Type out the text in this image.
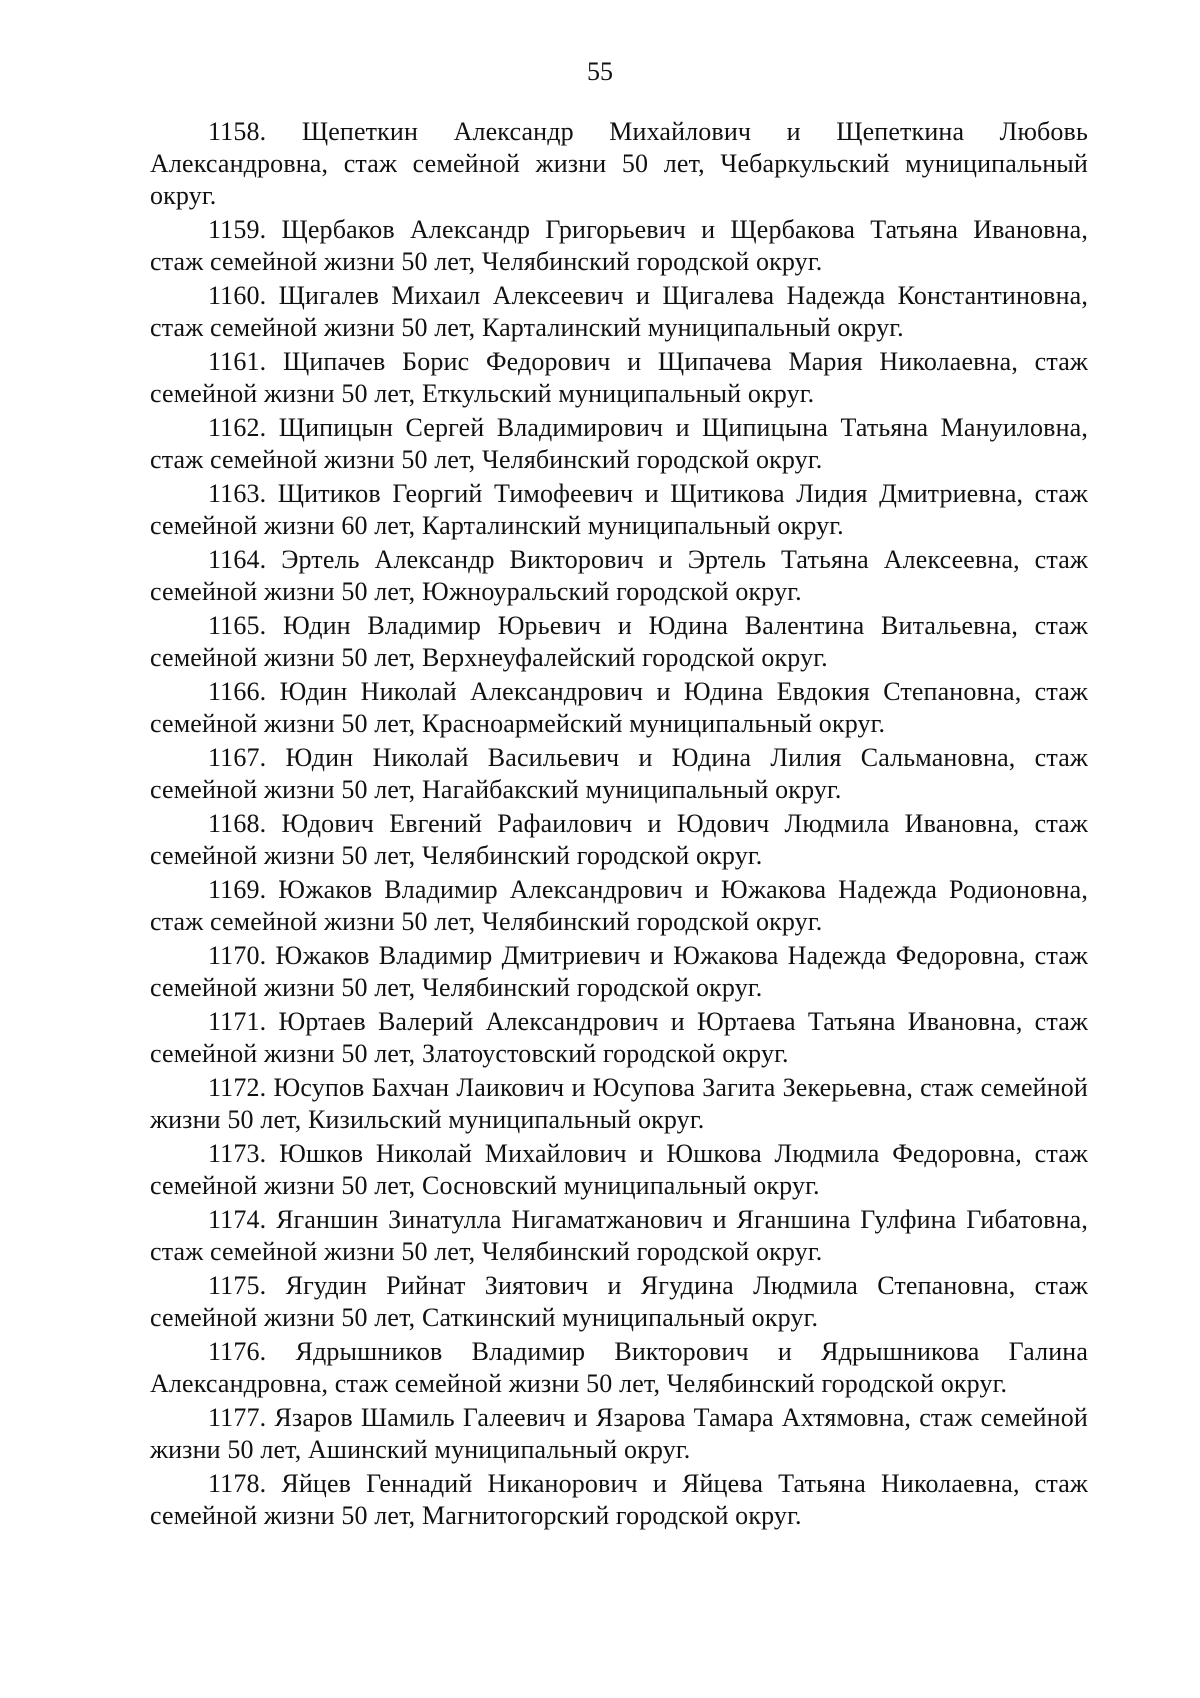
55

1158. Щепеткин Александр Михайлович и Щепеткина Любовь Александровна, стаж семейной жизни 50 лет, Чебаркульский муниципальный округ.

1159. Щербаков Александр Григорьевич и Щербакова Татьяна Ивановна, стаж семейной жизни 50 лет, Челябинский городской округ.

1160. Щигалев Михаил Алексеевич и Щигалева Надежда Константиновна, стаж семейной жизни 50 лет, Карталинский муниципальный округ.

1161. Щипачев Борис Федорович и Щипачева Мария Николаевна, стаж семейной жизни 50 лет, Еткульский муниципальный округ.

1162. Щипицын Сергей Владимирович и Щипицына Татьяна Мануиловна, стаж семейной жизни 50 лет, Челябинский городской округ.

1163. Щитиков Георгий Тимофеевич и Щитикова Лидия Дмитриевна, стаж семейной жизни 60 лет, Карталинский муниципальный округ.

1164. Эртель Александр Викторович и Эртель Татьяна Алексеевна, стаж семейной жизни 50 лет, Южноуральский городской округ.

1165. Юдин Владимир Юрьевич и Юдина Валентина Витальевна, стаж семейной жизни 50 лет, Верхнеуфалейский городской округ.

1166. Юдин Николай Александрович и Юдина Евдокия Степановна, стаж семейной жизни 50 лет, Красноармейский муниципальный округ.

1167. Юдин Николай Васильевич и Юдина Лилия Сальмановна, стаж семейной жизни 50 лет, Нагайбакский муниципальный округ.

1168. Юдович Евгений Рафаилович и Юдович Людмила Ивановна, стаж семейной жизни 50 лет, Челябинский городской округ.

1169. Южаков Владимир Александрович и Южакова Надежда Родионовна, стаж семейной жизни 50 лет, Челябинский городской округ.

1170. Южаков Владимир Дмитриевич и Южакова Надежда Федоровна, стаж семейной жизни 50 лет, Челябинский городской округ.

1171. Юртаев Валерий Александрович и Юртаева Татьяна Ивановна, стаж семейной жизни 50 лет, Златоустовский городской округ.

1172. Юсупов Бахчан Лаикович и Юсупова Загита Зекерьевна, стаж семейной жизни 50 лет, Кизильский муниципальный округ.

1173. Юшков Николай Михайлович и Юшкова Людмила Федоровна, стаж семейной жизни 50 лет, Сосновский муниципальный округ.

1174. Яганшин Зинатулла Нигаматжанович и Яганшина Гулфина Гибатовна, стаж семейной жизни 50 лет, Челябинский городской округ.

1175. Ягудин Рийнат Зиятович и Ягудина Людмила Степановна, стаж семейной жизни 50 лет, Саткинский муниципальный округ.

1176. Ядрышников Владимир Викторович и Ядрышникова Галина Александровна, стаж семейной жизни 50 лет, Челябинский городской округ.

1177. Язаров Шамиль Галеевич и Язарова Тамара Ахтямовна, стаж семейной жизни 50 лет, Ашинский муниципальный округ.

1178. Яйцев Геннадий Никанорович и Яйцева Татьяна Николаевна, стаж семейной жизни 50 лет, Магнитогорский городской округ.
